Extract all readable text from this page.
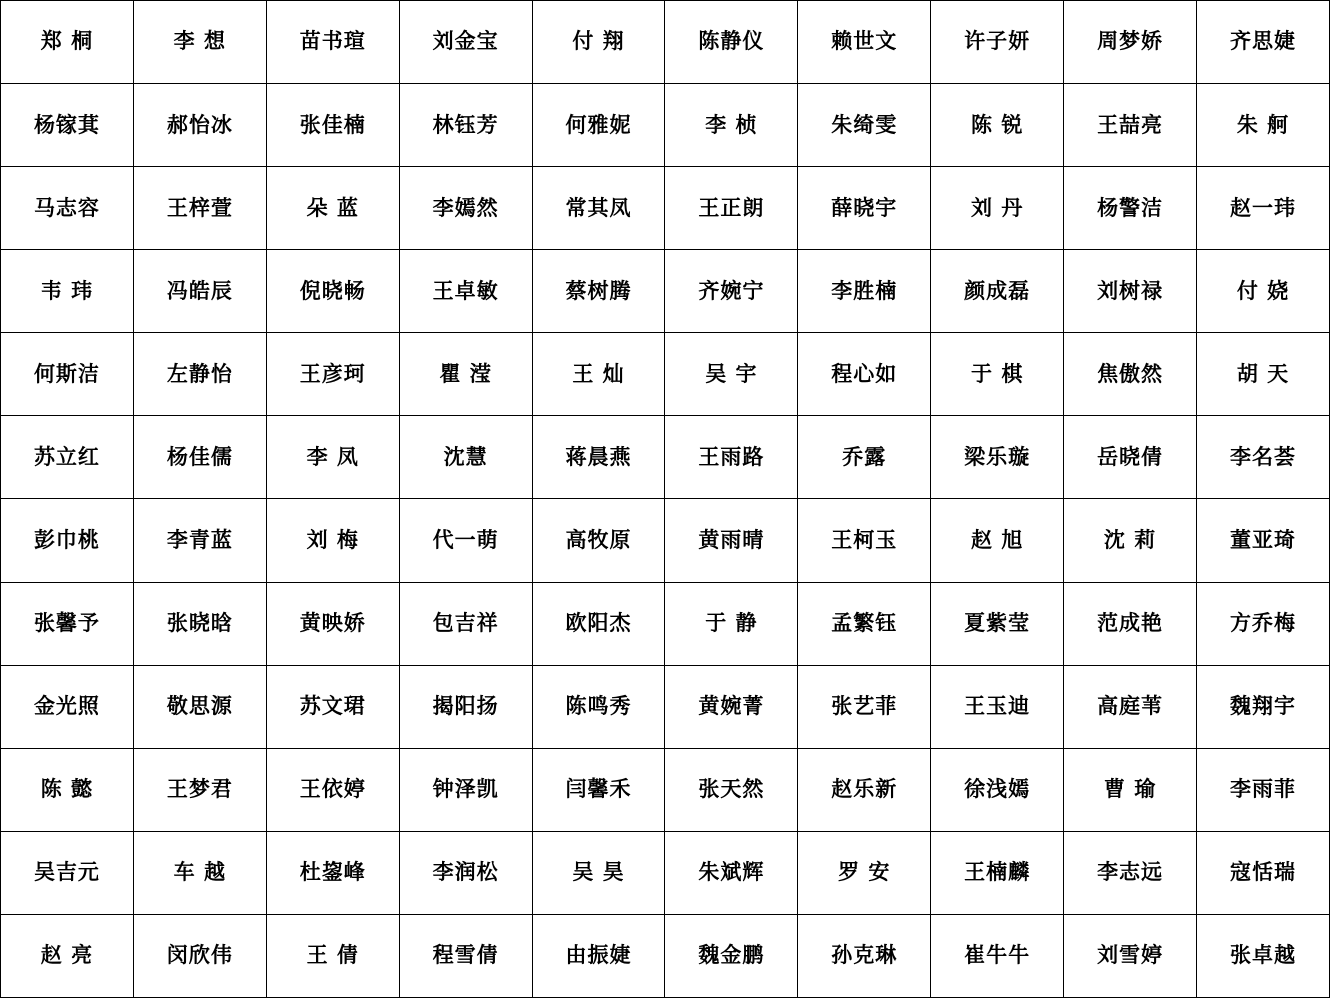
郑 桐	李 想	苗书瑄	刘金宝	付 翔	陈静仪	赖世文	许子妍	周梦娇	齐思婕
杨镓萁	郝怡冰	张佳楠	林钰芳	何雅妮	李 桢	朱绮雯	陈 锐	王喆亮	朱 舸
马志容	王梓萱	朵 蓝	李嫣然	常其凤	王正朗	薛晓宇	刘 丹	杨警洁	赵一玮
韦 玮	冯皓辰	倪晓畅	王卓敏	蔡树腾	齐婉宁	李胜楠	颜成磊	刘树禄	付 娆
何斯洁	左静怡	王彦珂	瞿 滢	王 灿	吴 宇	程心如	于 棋	焦傲然	胡 天
苏立红	杨佳儒	李 凤	沈慧	蒋晨燕	王雨路	乔露	梁乐璇	岳晓倩	李名荟
彭巾桃	李青蓝	刘 梅	代一萌	高牧原	黄雨晴	王柯玉	赵 旭	沈 莉	董亚琦
张馨予	张晓晗	黄映娇	包吉祥	欧阳杰	于 静	孟繁钰	夏紫莹	范成艳	方乔梅
金光照	敬思源	苏文珺	揭阳扬	陈鸣秀	黄婉菁	张艺菲	王玉迪	高庭苇	魏翔宇
陈 懿	王梦君	王依婷	钟泽凯	闫馨禾	张天然	赵乐新	徐浅嫣	曹 瑜	李雨菲
吴吉元	车 越	杜鋆峰	李润松	吴 昊	朱斌辉	罗 安	王楠麟	李志远	寇恬瑞
赵 亮	闵欣伟	王 倩	程雪倩	由振婕	魏金鹏	孙克琳	崔牛牛	刘雪婷	张卓越
